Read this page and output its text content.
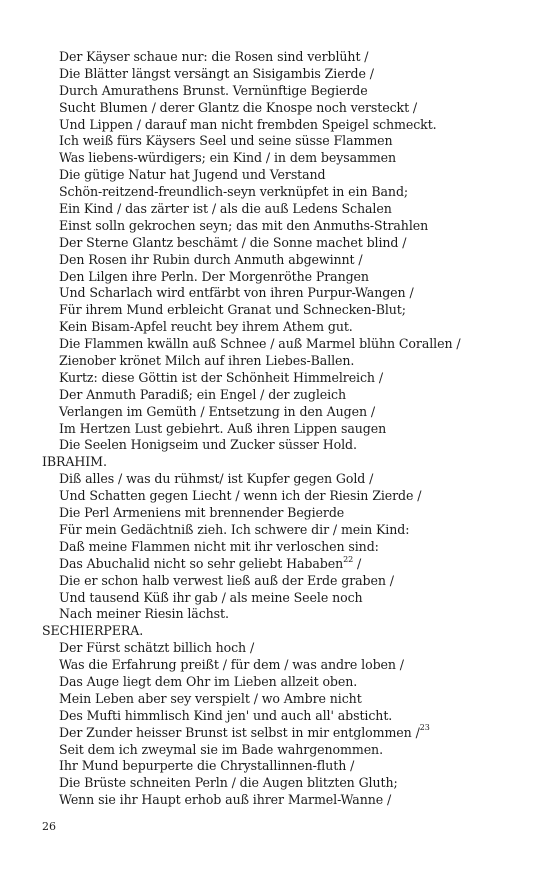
Der Käyser schaue nur: die Rosen sind verblüht /
Die Blätter längst versängt an Sisigambis Zierde /
Durch Amurathens Brunst. Vernünftige Begierde
Sucht Blumen / derer Glantz die Knospe noch versteckt /
Und Lippen / darauf man nicht frembden Speigel schmeckt.
Ich weiß fürs Käysers Seel und seine süsse Flammen
Was liebens-würdigers; ein Kind / in dem beysammen
Die gütige Natur hat Jugend und Verstand
Schön-reitzend-freundlich-seyn verknüpfet in ein Band;
Ein Kind / das zärter ist / als die auß Ledens Schalen
Einst solln gekrochen seyn; das mit den Anmuths-Strahlen
Der Sterne Glantz beschämt / die Sonne machet blind /
Den Rosen ihr Rubin durch Anmuth abgewinnt /
Den Lilgen ihre Perln. Der Morgenröthe Prangen
Und Scharlach wird entfärbt von ihren Purpur-Wangen /
Für ihrem Mund erbleicht Granat und Schnecken-Blut;
Kein Bisam-Apfel reucht bey ihrem Athem gut.
Die Flammen kwälln auß Schnee / auß Marmel blühn Corallen /
Zienober krönet Milch auf ihren Liebes-Ballen.
Kurtz: diese Göttin ist der Schönheit Himmelreich /
Der Anmuth Paradiß; ein Engel / der zugleich
Verlangen im Gemüth / Entsetzung in den Augen /
Im Hertzen Lust gebiehrt. Auß ihren Lippen saugen
Die Seelen Honigseim und Zucker süsser Hold.
IBRAHIM.
Diß alles / was du rühmst/ ist Kupfer gegen Gold /
Und Schatten gegen Liecht / wenn ich der Riesin Zierde /
Die Perl Armeniens mit brennender Begierde
Für mein Gedächtniß zieh. Ich schwere dir / mein Kind:
Daß meine Flammen nicht mit ihr verloschen sind:
Das Abuchalid nicht so sehr geliebt Hababen$^{22}$ /
Die er schon halb verwest ließ auß der Erde graben /
Und tausend Küß ihr gab / als meine Seele noch
Nach meiner Riesin lächst.
SECHIERPERA.
Der Fürst schätzt billich hoch /
Was die Erfahrung preißt / für dem / was andre loben /
Das Auge liegt dem Ohr im Lieben allzeit oben.
Mein Leben aber sey verspielt / wo Ambre nicht
Des Mufti himmlisch Kind jen' und auch all' absticht.
Der Zunder heisser Brunst ist selbst in mir entglommen /$^{23}$
Seit dem ich zweymal sie im Bade wahrgenommen.
Ihr Mund bepurperte die Chrystallinnen-fluth /
Die Brüste schneiten Perln / die Augen blitzten Gluth;
Wenn sie ihr Haupt erhob auß ihrer Marmel-Wanne /
26
